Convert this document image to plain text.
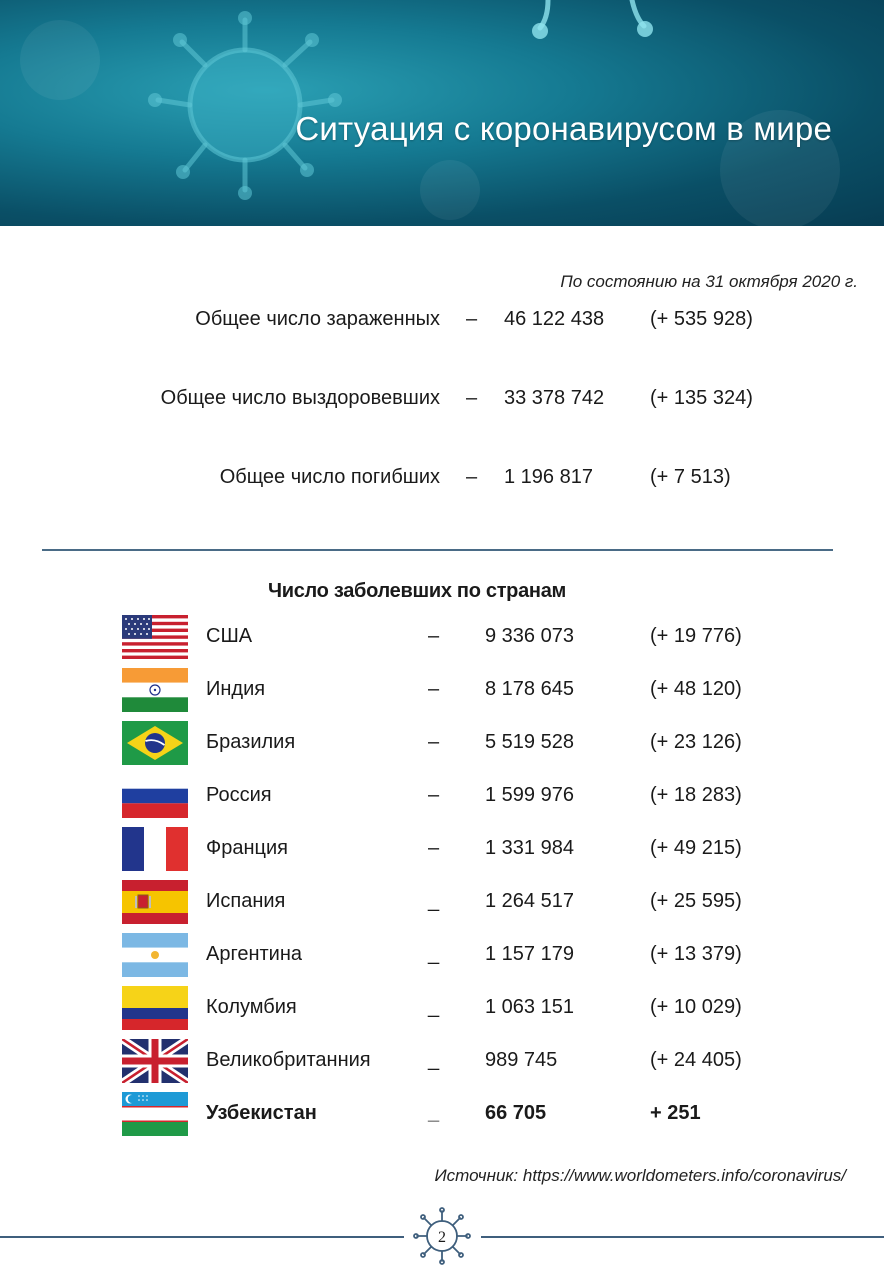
Ситуация с коронавирусом в мире
По состоянию на 31 октября 2020 г.
Общее число зараженных – 46 122 438 (+ 535 928)
Общее число выздоровевших – 33 378 742 (+ 135 324)
Общее число погибших – 1 196 817	(+ 7 513)
Число заболевших по странам
США	– 9 336 073	(+ 19 776)
Индия	– 8 178 645	(+ 48 120)
Бразилия	– 5 519 528	(+ 23 126)
Россия	– 1 599 976	(+ 18 283)
Франция	– 1 331 984	(+ 49 215)
Испания	_ 1 264 517	(+ 25 595)
Аргентина	_ 1 157 179	(+ 13 379)
Колумбия	_ 1 063 151	(+ 10 029)
Великобританния	_ 989 745	(+ 24 405)
Узбекистан	_ 66 705	+ 251
Источник: https://www.worldometers.info/coronavirus/
2
